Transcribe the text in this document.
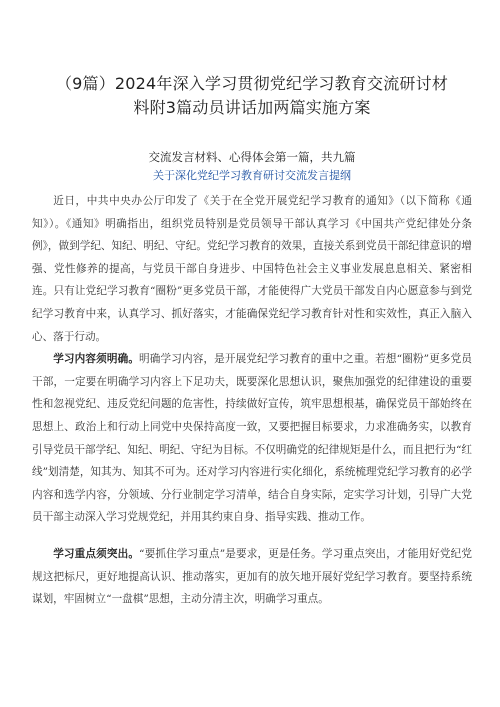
（9篇）2024年深入学习贯彻党纪学习教育交流研讨材
料附3篇动员讲话加两篇实施方案

交流发言材料、心得体会第一篇，共九篇

关于深化党纪学习教育研讨交流发言提纲

近日，中共中央办公厅印发了《关于在全党开展党纪学习教育的通知》（以下简称《通知》）。《通知》明确指出，组织党员特别是党员领导干部认真学习《中国共产党纪律处分条例》，做到学纪、知纪、明纪、守纪。党纪学习教育的效果，直接关系到党员干部纪律意识的增强、党性修养的提高，与党员干部自身进步、中国特色社会主义事业发展息息相关、紧密相连。只有让党纪学习教育“圈粉”更多党员干部，才能使得广大党员干部发自内心愿意参与到党纪学习教育中来，认真学习、抓好落实，才能确保党纪学习教育针对性和实效性，真正入脑入心、落于行动。

学习内容须明确。明确学习内容，是开展党纪学习教育的重中之重。若想“圈粉”更多党员干部，一定要在明确学习内容上下足功夫，既要深化思想认识，聚焦加强党的纪律建设的重要性和忽视党纪、违反党纪问题的危害性，持续做好宣传，筑牢思想根基，确保党员干部始终在思想上、政治上和行动上同党中央保持高度一致，又要把握目标要求，力求准确务实，以教育引导党员干部学纪、知纪、明纪、守纪为目标。不仅明确党的纪律规矩是什么，而且把行为“红线”划清楚，知其为、知其不可为。还对学习内容进行实化细化，系统梳理党纪学习教育的必学内容和选学内容，分领域、分行业制定学习清单，结合自身实际，定实学习计划，引导广大党员干部主动深入学习党规党纪，并用其约束自身、指导实践、推动工作。

学习重点须突出。“要抓住学习重点”是要求，更是任务。学习重点突出，才能用好党纪党规这把标尺，更好地提高认识、推动落实，更加有的放矢地开展好党纪学习教育。要坚持系统谋划，牢固树立“一盘棋”思想，主动分清主次，明确学习重点。
